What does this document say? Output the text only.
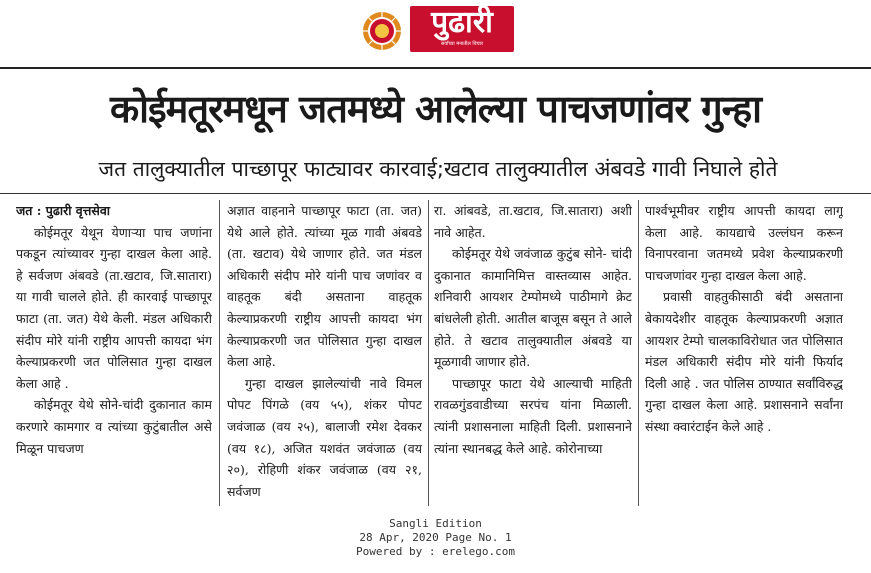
पुढारी
सर्वांच्या मनातील विचार
कोईमतूरमधून जतमध्ये आलेल्या पाचजणांवर गुन्हा
जत तालुक्यातील पाच्छापूर फाट्यावर कारवाई;खटाव तालुक्यातील अंबवडे गावी निघाले होते

जत : पुढारी वृत्तसेवा

कोईमतूर येथून येणाऱ्या पाच जणांना पकडून त्यांच्यावर गुन्हा दाखल केला आहे. हे सर्वजण अंबवडे (ता.खटाव, जि.सातारा) या गावी चालले होते. ही कारवाई पाच्छापूर फाटा (ता. जत) येथे केली. मंडल अधिकारी संदीप मोरे यांनी राष्ट्रीय आपत्ती कायदा भंग केल्याप्रकरणी जत पोलिसात गुन्हा दाखल केला आहे .

कोईमतूर येथे सोने-चांदी दुकानात काम करणारे कामगार व त्यांच्या कुटुंबातील असे मिळून पाचजण

अज्ञात वाहनाने पाच्छापूर फाटा (ता. जत) येथे आले होते. त्यांच्या मूळ गावी अंबवडे (ता. खटाव) येथे जाणार होते. जत मंडल अधिकारी संदीप मोरे यांनी पाच जणांवर व वाहतूक बंदी असताना वाहतूक केल्याप्रकरणी राष्ट्रीय आपत्ती कायदा भंग केल्याप्रकरणी जत पोलिसात गुन्हा दाखल केला आहे.

गुन्हा दाखल झालेल्यांची नावे विमल पोपट पिंगळे (वय ५५), शंकर पोपट जवंजाळ (वय २५), बालाजी रमेश देवकर (वय १८), अजित यशवंत जवंजाळ (वय २०), रोहिणी शंकर जवंजाळ (वय २१, सर्वजण

रा. आंबवडे, ता.खटाव, जि.सातारा) अशी नावे आहेत.

कोईमतूर येथे जवंजाळ कुटुंब सोने- चांदी दुकानात कामानिमित्त वास्तव्यास आहेत. शनिवारी आयशर टेम्पोमध्ये पाठीमागे क्रेट बांधलेली होती. आतील बाजूस बसून ते आले होते. ते खटाव तालुक्यातील अंबवडे या मूळगावी जाणार होते.

पाच्छापूर फाटा येथे आल्याची माहिती रावळगुंडवाडीच्या सरपंच यांना मिळाली. त्यांनी प्रशासनाला माहिती दिली. प्रशासनाने त्यांना स्थानबद्ध केले आहे. कोरोनाच्या

पार्श्वभूमीवर राष्ट्रीय आपत्ती कायदा लागू केला आहे. कायद्याचे उल्लंघन करून विनापरवाना जतमध्ये प्रवेश केल्याप्रकरणी पाचजणांवर गुन्हा दाखल केला आहे.

प्रवासी वाहतुकीसाठी बंदी असताना बेकायदेशीर वाहतूक केल्याप्रकरणी अज्ञात आयशर टेम्पो चालकाविरोधात जत पोलिसात मंडल अधिकारी संदीप मोरे यांनी फिर्याद दिली आहे . जत पोलिस ठाण्यात सर्वांविरुद्ध गुन्हा दाखल केला आहे. प्रशासनाने सर्वांना संस्था क्वारंटाईन केले आहे .

Sangli Edition
28 Apr, 2020 Page No. 1
Powered by : erelego.com
